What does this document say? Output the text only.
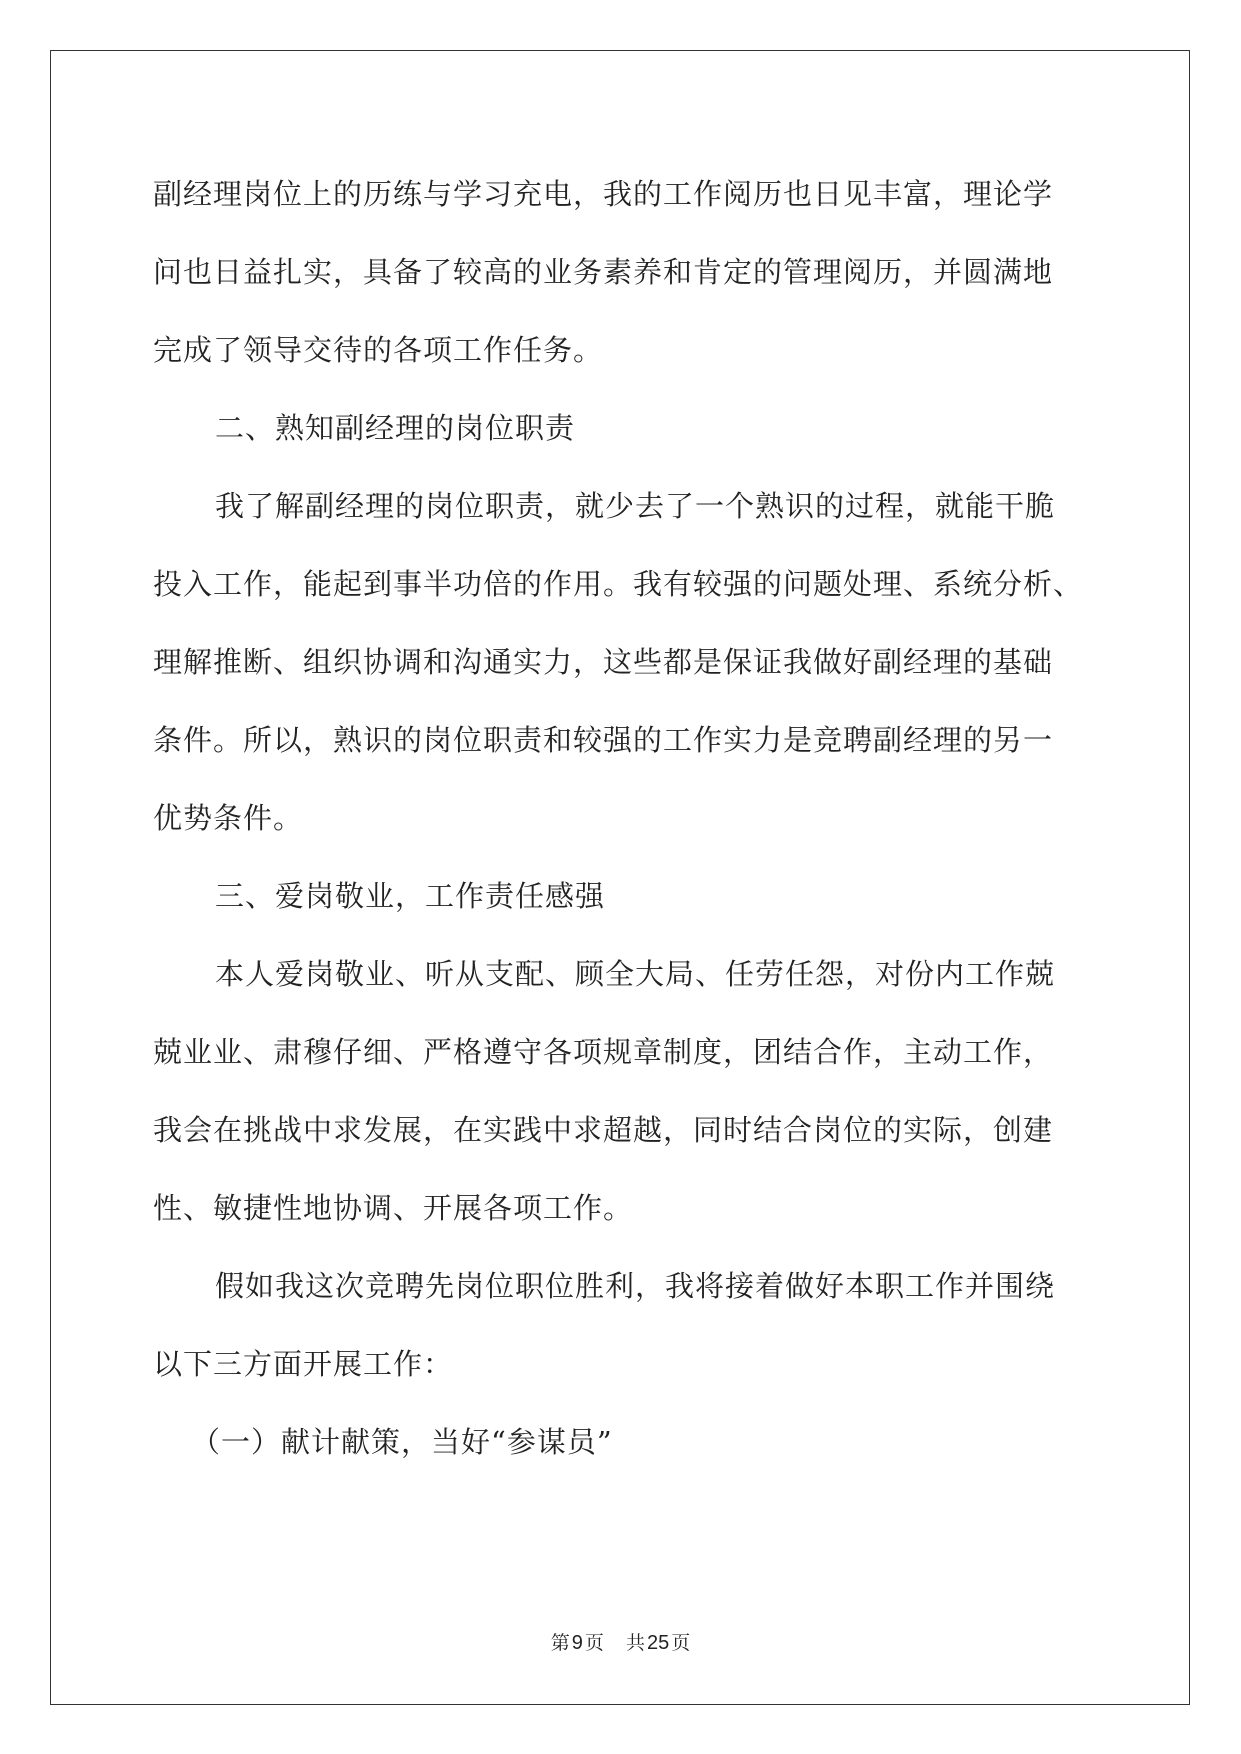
副经理岗位上的历练与学习充电，我的工作阅历也日见丰富，理论学
问也日益扎实，具备了较高的业务素养和肯定的管理阅历，并圆满地
完成了领导交待的各项工作任务。
二、熟知副经理的岗位职责
我了解副经理的岗位职责，就少去了一个熟识的过程，就能干脆
投入工作，能起到事半功倍的作用。我有较强的问题处理、系统分析、
理解推断、组织协调和沟通实力，这些都是保证我做好副经理的基础
条件。所以，熟识的岗位职责和较强的工作实力是竞聘副经理的另一
优势条件。
三、爱岗敬业，工作责任感强
本人爱岗敬业、听从支配、顾全大局、任劳任怨，对份内工作兢
兢业业、肃穆仔细、严格遵守各项规章制度，团结合作，主动工作，
我会在挑战中求发展，在实践中求超越，同时结合岗位的实际，创建
性、敏捷性地协调、开展各项工作。
假如我这次竞聘先岗位职位胜利，我将接着做好本职工作并围绕
以下三方面开展工作：
（一）献计献策，当好“参谋员”
第 9 页 共 25 页
